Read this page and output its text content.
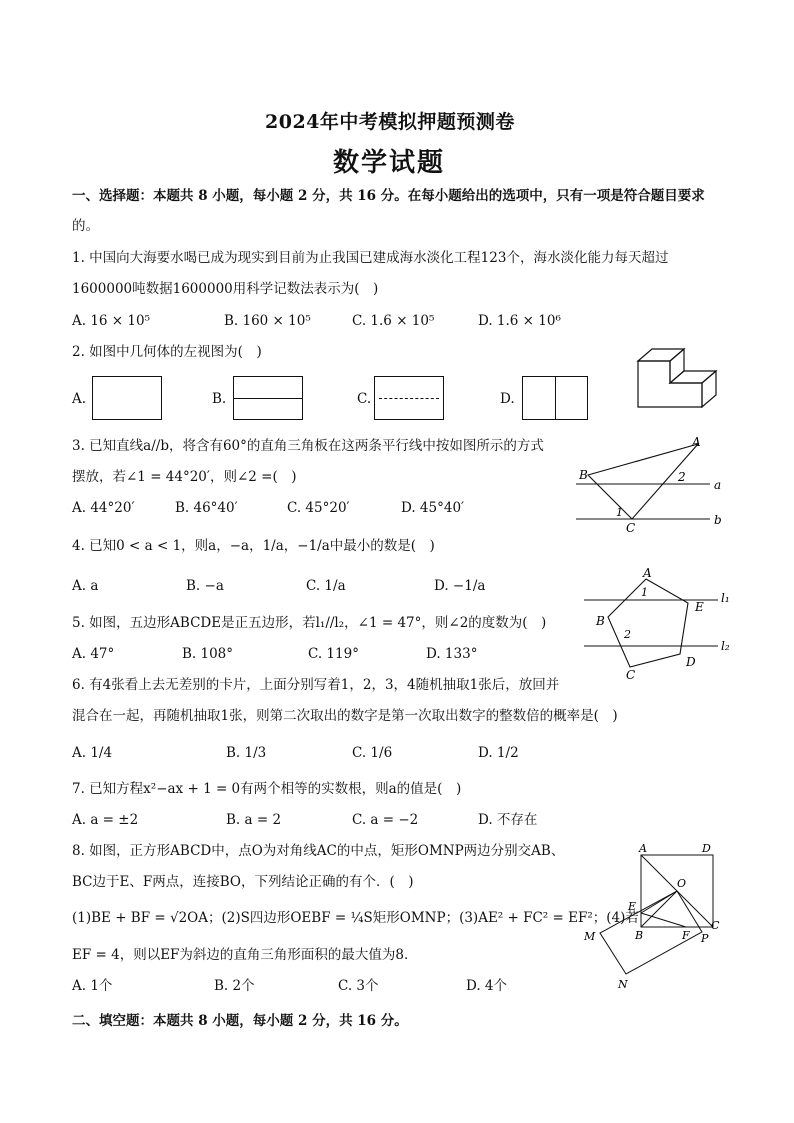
2024年中考模拟押题预测卷
数学试题
一、选择题：本题共 8 小题，每小题 2 分，共 16 分。在每小题给出的选项中，只有一项是符合题目要求
的。
1. 中国向大海要水喝已成为现实到目前为止我国已建成海水淡化工程123个，海水淡化能力每天超过
1600000吨数据1600000用科学记数法表示为(　)
A. 16 × 10⁵	B. 160 × 10⁵	C. 1.6 × 10⁵	D. 1.6 × 10⁶
2. 如图中几何体的左视图为(　)
A.	B.	C.	D.
3. 已知直线a//b，将含有60°的直角三角板在这两条平行线中按如图所示的方式
摆放，若∠1 = 44°20′，则∠2 =(　)
A. 44°20′	B. 46°40′	C. 45°20′	D. 45°40′
A
B	2
a
1
C
b
4. 已知0 < a < 1，则a，−a，1/a，−1/a中最小的数是(　)
A. a	B. −a	C. 1/a	D. −1/a
5. 如图，五边形ABCDE是正五边形，若l₁//l₂，∠1 = 47°，则∠2的度数为(　)
A. 47°	B. 108°	C. 119°	D. 133°
A
1	l₁
E
B
2
l₂
D
C
6. 有4张看上去无差别的卡片，上面分别写着1，2，3，4随机抽取1张后，放回并
混合在一起，再随机抽取1张，则第二次取出的数字是第一次取出数字的整数倍的概率是(　)
A. 1/4	B. 1/3	C. 1/6	D. 1/2
7. 已知方程x²−ax + 1 = 0有两个相等的实数根，则a的值是(　)
A. a = ±2	B. a = 2	C. a = −2	D. 不存在
8. 如图，正方形ABCD中，点O为对角线AC的中点，矩形OMNP两边分别交AB、
BC边于E、F两点，连接BO，下列结论正确的有个．(　)
(1)BE + BF = √2OA；(2)S四边形OEBF = ¼S矩形OMNP；(3)AE² + FC² = EF²；(4)若
EF = 4，则以EF为斜边的直角三角形面积的最大值为8．
A. 1个	B. 2个	C. 3个	D. 4个
A	D
O
E
B	F
C
P
M
N
二、填空题：本题共 8 小题，每小题 2 分，共 16 分。
